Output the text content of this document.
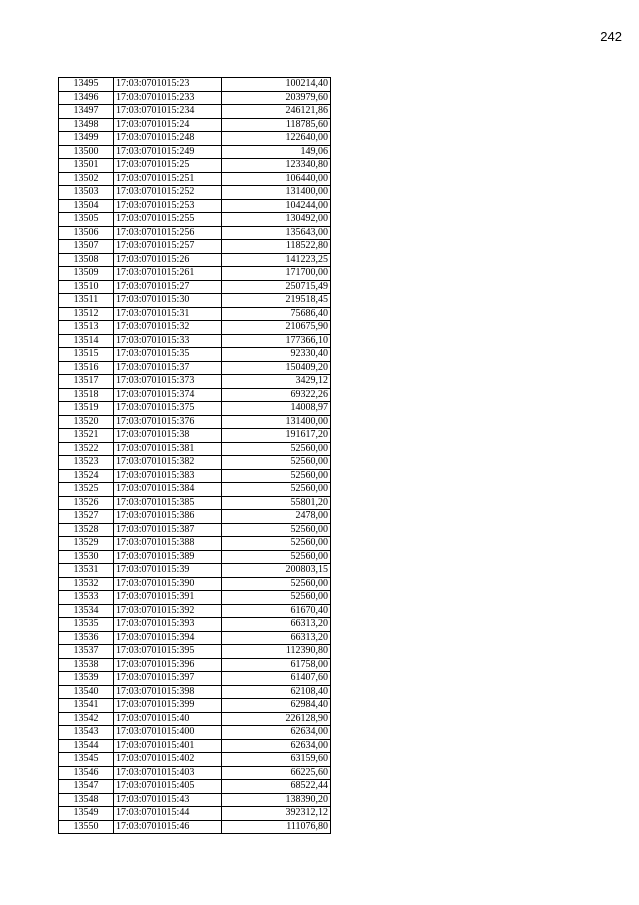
242
13495	17:03:0701015:23	100214,40
13496	17:03:0701015:233	203979,60
13497	17:03:0701015:234	246121,86
13498	17:03:0701015:24	118785,60
13499	17:03:0701015:248	122640,00
13500	17:03:0701015:249	149,06
13501	17:03:0701015:25	123340,80
13502	17:03:0701015:251	106440,00
13503	17:03:0701015:252	131400,00
13504	17:03:0701015:253	104244,00
13505	17:03:0701015:255	130492,00
13506	17:03:0701015:256	135643,00
13507	17:03:0701015:257	118522,80
13508	17:03:0701015:26	141223,25
13509	17:03:0701015:261	171700,00
13510	17:03:0701015:27	250715,49
13511	17:03:0701015:30	219518,45
13512	17:03:0701015:31	75686,40
13513	17:03:0701015:32	210675,90
13514	17:03:0701015:33	177366,10
13515	17:03:0701015:35	92330,40
13516	17:03:0701015:37	150409,20
13517	17:03:0701015:373	3429,12
13518	17:03:0701015:374	69322,26
13519	17:03:0701015:375	14008,97
13520	17:03:0701015:376	131400,00
13521	17:03:0701015:38	191617,20
13522	17:03:0701015:381	52560,00
13523	17:03:0701015:382	52560,00
13524	17:03:0701015:383	52560,00
13525	17:03:0701015:384	52560,00
13526	17:03:0701015:385	55801,20
13527	17:03:0701015:386	2478,00
13528	17:03:0701015:387	52560,00
13529	17:03:0701015:388	52560,00
13530	17:03:0701015:389	52560,00
13531	17:03:0701015:39	200803,15
13532	17:03:0701015:390	52560,00
13533	17:03:0701015:391	52560,00
13534	17:03:0701015:392	61670,40
13535	17:03:0701015:393	66313,20
13536	17:03:0701015:394	66313,20
13537	17:03:0701015:395	112390,80
13538	17:03:0701015:396	61758,00
13539	17:03:0701015:397	61407,60
13540	17:03:0701015:398	62108,40
13541	17:03:0701015:399	62984,40
13542	17:03:0701015:40	226128,90
13543	17:03:0701015:400	62634,00
13544	17:03:0701015:401	62634,00
13545	17:03:0701015:402	63159,60
13546	17:03:0701015:403	66225,60
13547	17:03:0701015:405	68522,44
13548	17:03:0701015:43	138390,20
13549	17:03:0701015:44	392312,12
13550	17:03:0701015:46	111076,80
